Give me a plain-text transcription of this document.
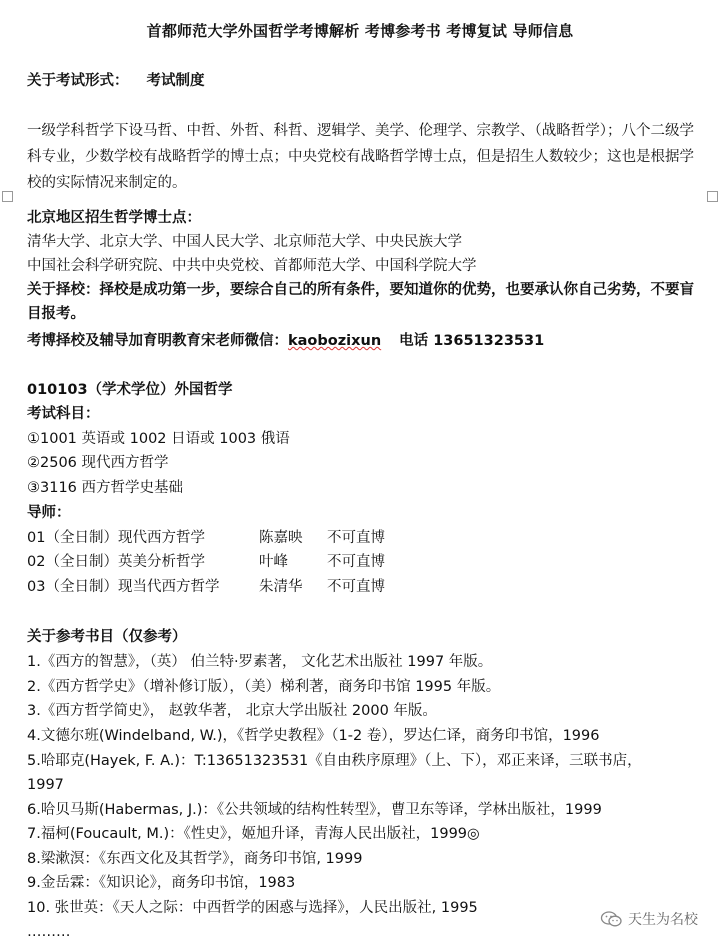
首都师范大学外国哲学考博解析 考博参考书 考博复试 导师信息
关于考试形式： 考试制度
一级学科哲学下设马哲、中哲、外哲、科哲、逻辑学、美学、伦理学、宗教学、（战略哲学）；八个二级学科专业，少数学校有战略哲学的博士点；中央党校有战略哲学博士点，但是招生人数较少；这也是根据学校的实际情况来制定的。
北京地区招生哲学博士点：
清华大学、北京大学、中国人民大学、北京师范大学、中央民族大学
中国社会科学研究院、中共中央党校、首都师范大学、中国科学院大学
关于择校：择校是成功第一步，要综合自己的所有条件，要知道你的优势，也要承认你自己劣势，不要盲目报考。
考博择校及辅导加育明教育宋老师微信：kaobozixun 电话 13651323531
010103（学术学位）外国哲学
考试科目：
①1001 英语或 1002 日语或 1003 俄语
②2506 现代西方哲学
③3116 西方哲学史基础
导师：
01（全日制）现代西方哲学	陈嘉映 不可直博
02（全日制）英美分析哲学	叶峰	不可直博
03（全日制）现当代西方哲学	朱清华 不可直博
关于参考书目（仅参考）
1.《西方的智慧》，（英） 伯兰特·罗素著， 文化艺术出版社 1997 年版。
2.《西方哲学史》（增补修订版），（美）梯利著，商务印书馆 1995 年版。
3.《西方哲学简史》， 赵敦华著， 北京大学出版社 2000 年版。
4.文德尔班(Windelband, W.)，《哲学史教程》（1-2 卷），罗达仁译，商务印书馆，1996
5.哈耶克(Hayek, F. A.)：T:13651323531《自由秩序原理》（上、下），邓正来译，三联书店，
1997
6.哈贝马斯(Habermas, J.)：《公共领域的结构性转型》，曹卫东等译，学林出版社，1999
7.福柯(Foucault, M.)：《性史》，姬旭升译，青海人民出版社，1999◎
8.梁漱溟：《东西文化及其哲学》，商务印书馆, 1999
9.金岳霖：《知识论》，商务印书馆，1983
10. 张世英：《天人之际：中西哲学的困惑与选择》，人民出版社, 1995
………
天生为名校
